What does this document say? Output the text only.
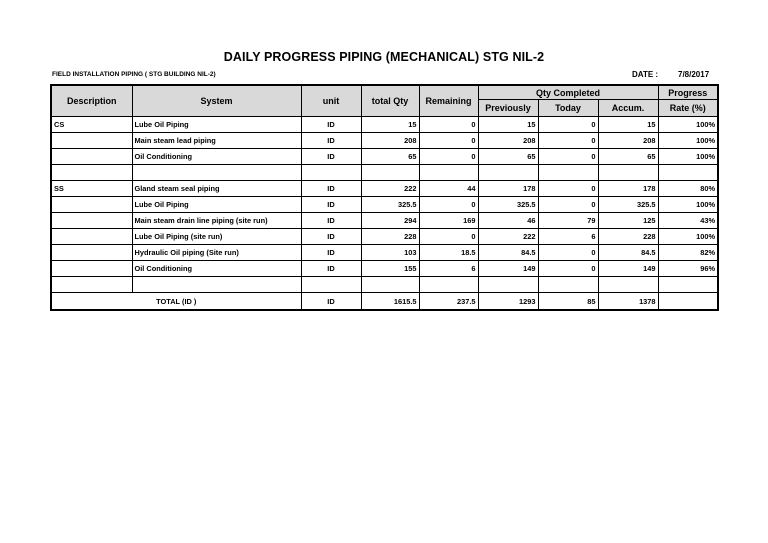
DAILY PROGRESS PIPING (MECHANICAL) STG NIL-2
FIELD INSTALLATION PIPING ( STG BUILDING NIL-2)	DATE : 7/8/2017
Description	System	unit	total Qty	Remaining	Qty Completed			Progress
					Previously	Today	Accum.	Rate (%)
CS	Lube Oil Piping	ID	15	0	15	0	15	100%
	Main steam lead piping	ID	208	0	208	0	208	100%
	Oil Conditioning	ID	65	0	65	0	65	100%

SS	Gland steam seal piping	ID	222	44	178	0	178	80%
	Lube Oil Piping	ID	325.5	0	325.5	0	325.5	100%
	Main steam drain line piping (site run)	ID	294	169	46	79	125	43%
	Lube Oil Piping (site run)	ID	228	0	222	6	228	100%
	Hydraulic Oil piping (Site run)	ID	103	18.5	84.5	0	84.5	82%
	Oil Conditioning	ID	155	6	149	0	149	96%

TOTAL (ID )		ID	1615.5	237.5	1293	85	1378	
